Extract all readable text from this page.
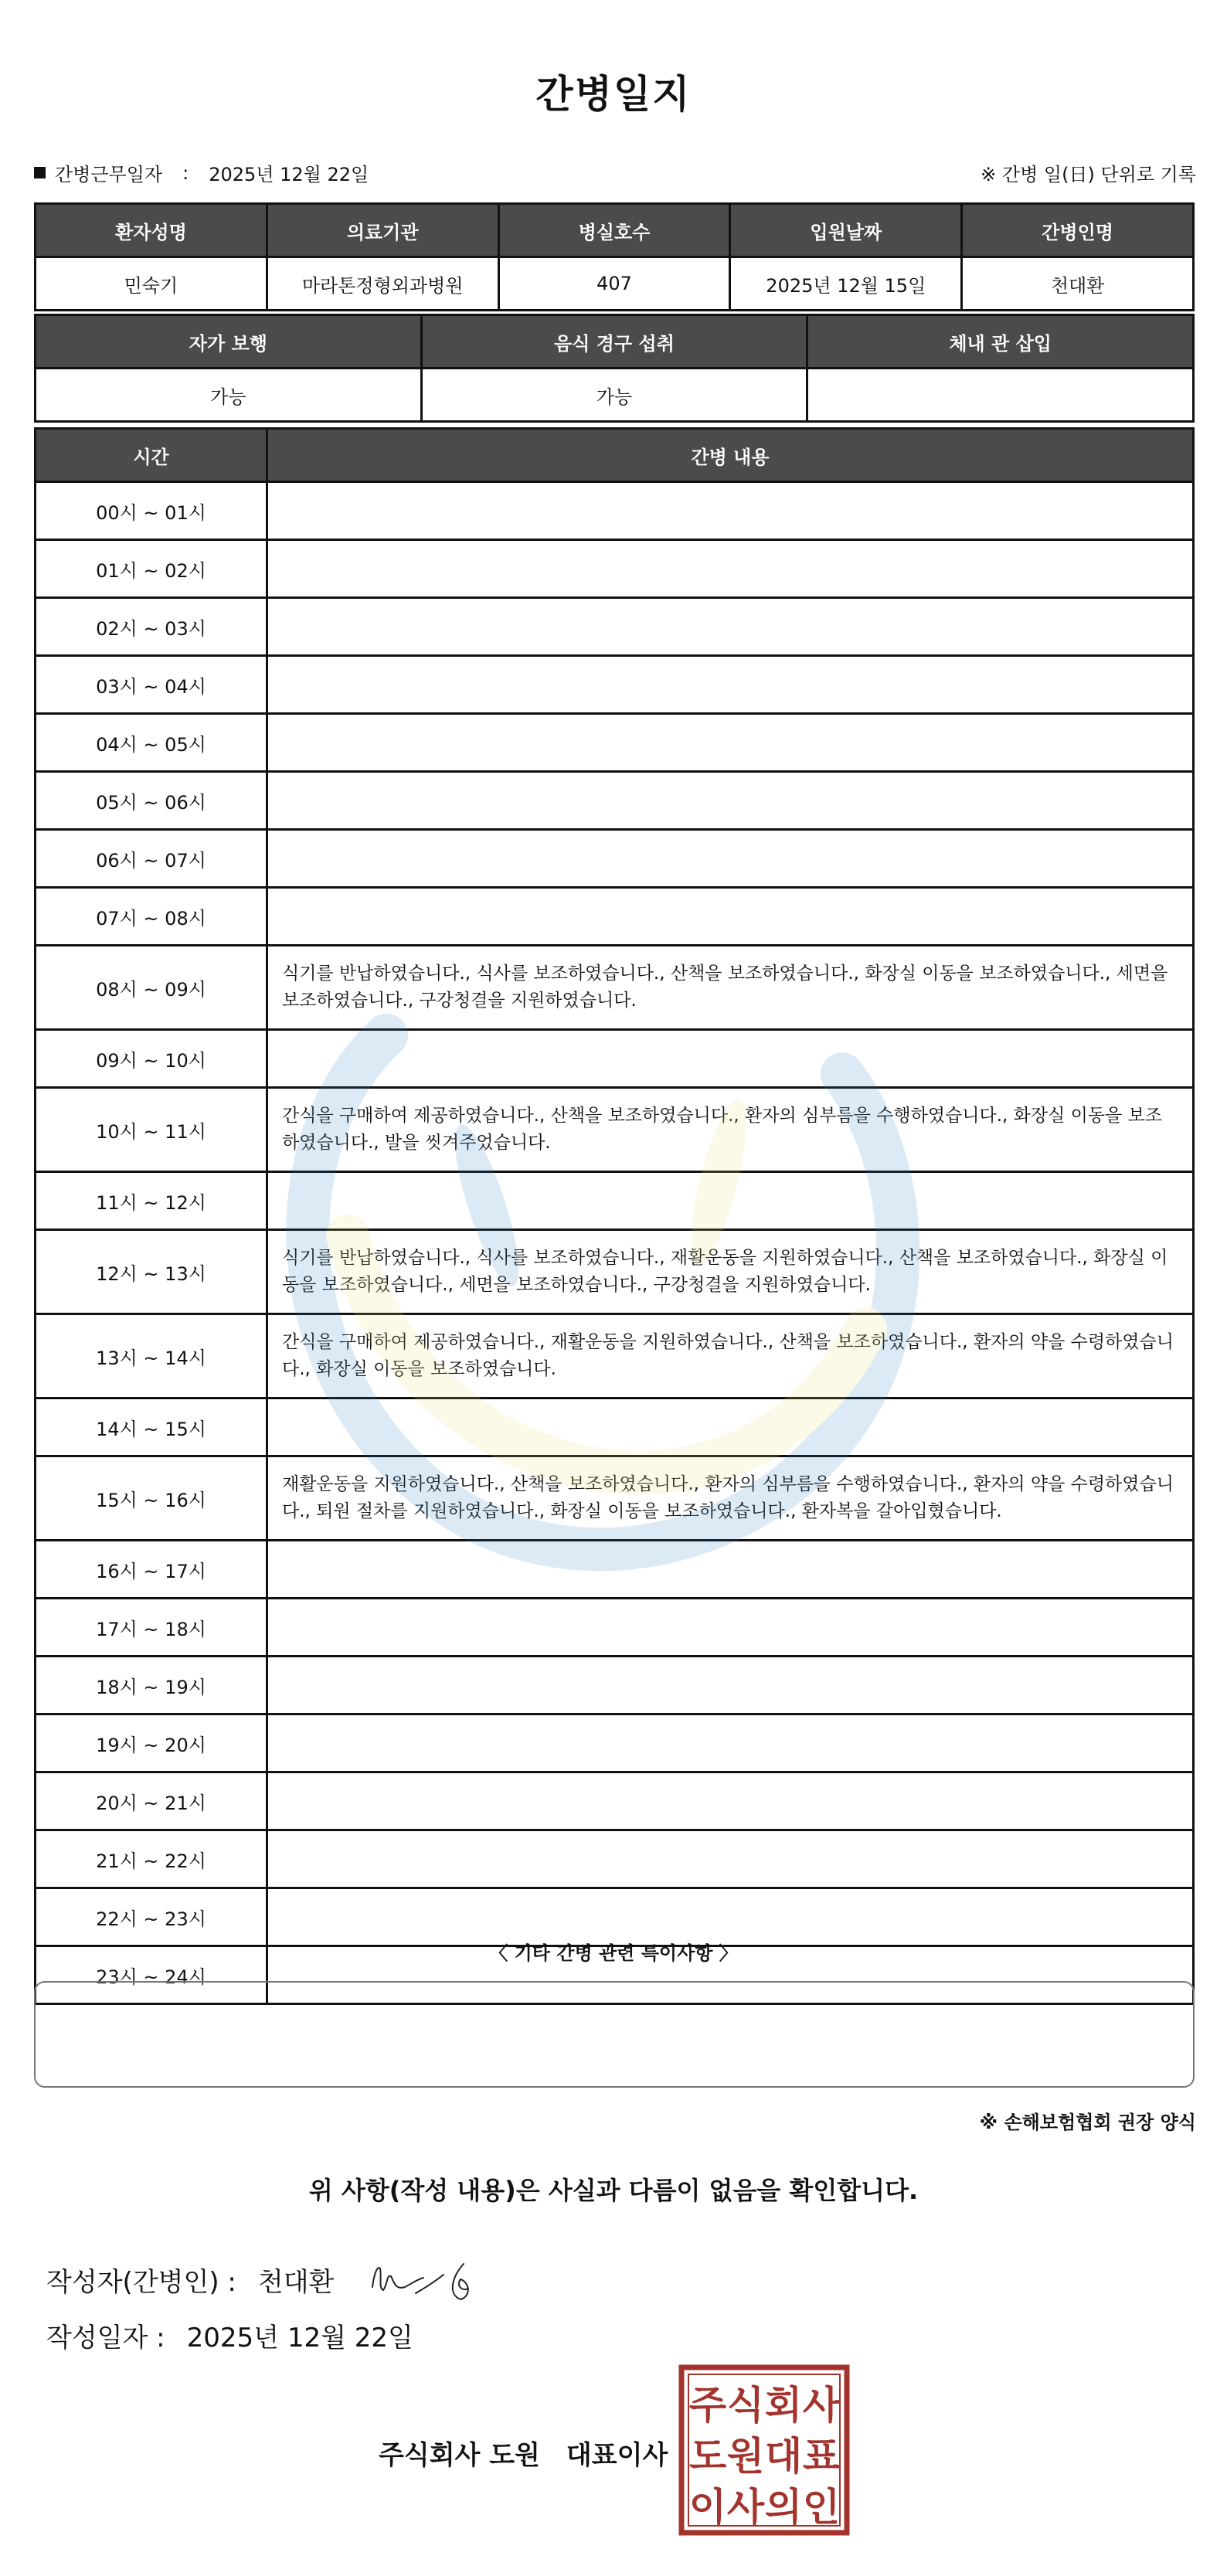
간병일지
간병근무일자 : 2025년 12월 22일	※ 간병 일(日) 단위로 기록
환자성명	의료기관	병실호수	입원날짜	간병인명
민숙기	마라톤정형외과병원	407	2025년 12월 15일	천대환
자가 보행	음식 경구 섭취	체내 관 삽입
가능	가능	
시간	간병 내용
00시 ~ 01시	
01시 ~ 02시	
02시 ~ 03시	
03시 ~ 04시	
04시 ~ 05시	
05시 ~ 06시	
06시 ~ 07시	
07시 ~ 08시	
08시 ~ 09시	식기를 반납하였습니다., 식사를 보조하였습니다., 산책을 보조하였습니다., 화장실 이동을 보조하였습니다., 세면을 보조하였습니다., 구강청결을 지원하였습니다.
09시 ~ 10시	
10시 ~ 11시	간식을 구매하여 제공하였습니다., 산책을 보조하였습니다., 환자의 심부름을 수행하였습니다., 화장실 이동을 보조하였습니다., 발을 씻겨주었습니다.
11시 ~ 12시	
12시 ~ 13시	식기를 반납하였습니다., 식사를 보조하였습니다., 재활운동을 지원하였습니다., 산책을 보조하였습니다., 화장실 이동을 보조하였습니다., 세면을 보조하였습니다., 구강청결을 지원하였습니다.
13시 ~ 14시	간식을 구매하여 제공하였습니다., 재활운동을 지원하였습니다., 산책을 보조하였습니다., 환자의 약을 수령하였습니다., 화장실 이동을 보조하였습니다.
14시 ~ 15시	
15시 ~ 16시	재활운동을 지원하였습니다., 산책을 보조하였습니다., 환자의 심부름을 수행하였습니다., 환자의 약을 수령하였습니다., 퇴원 절차를 지원하였습니다., 화장실 이동을 보조하였습니다., 환자복을 갈아입혔습니다.
16시 ~ 17시	
17시 ~ 18시	
18시 ~ 19시	
19시 ~ 20시	
20시 ~ 21시	
21시 ~ 22시	
22시 ~ 23시	
23시 ~ 24시	
〈 기타 간병 관련 특이사항 〉
※ 손해보험협회 권장 양식
위 사항(작성 내용)은 사실과 다름이 없음을 확인합니다.
작성자(간병인) : 천대환
작성일자 : 2025년 12월 22일
주식회사 도원 대표이사
주 식 회 사
도 원 대 표
이 사 의 인
